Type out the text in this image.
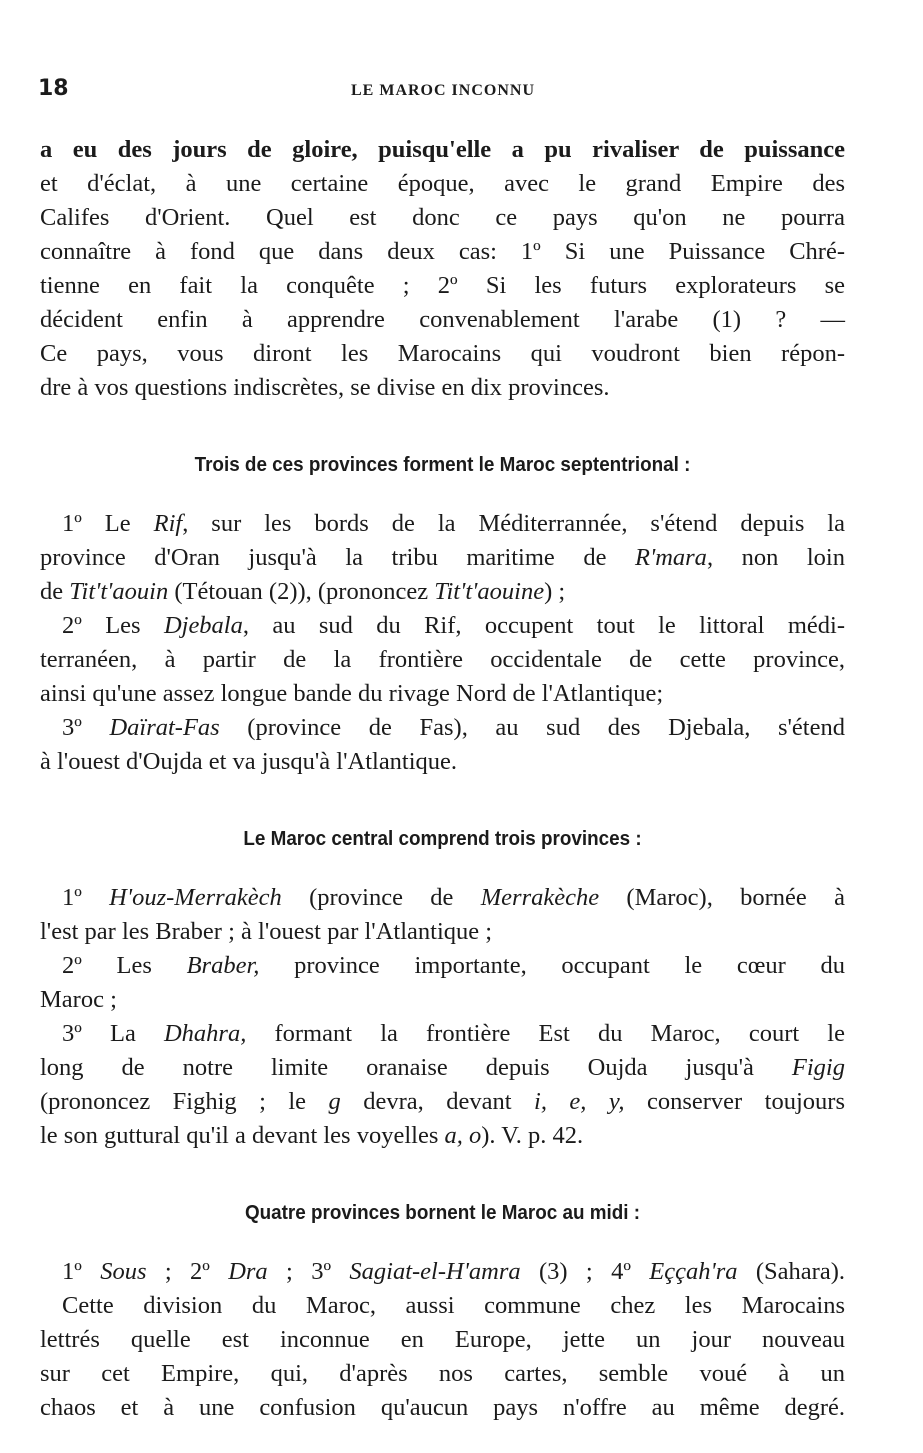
18	LE MAROC INCONNU
a eu des jours de gloire, puisqu'elle a pu rivaliser de puissance
et d'éclat, à une certaine époque, avec le grand Empire des
Califes d'Orient. Quel est donc ce pays qu'on ne pourra
connaître à fond que dans deux cas: 1º Si une Puissance Chré-
tienne en fait la conquête ; 2º Si les futurs explorateurs se
décident enfin à apprendre convenablement l'arabe (1) ? —
Ce pays, vous diront les Marocains qui voudront bien répon-
dre à vos questions indiscrètes, se divise en dix provinces.
Trois de ces provinces forment le Maroc septentrional :
1º Le Rif, sur les bords de la Méditerrannée, s'étend depuis la
province d'Oran jusqu'à la tribu maritime de R'mara, non loin
de Tit't'aouin (Tétouan (2)), (prononcez Tit't'aouine) ;
2º Les Djebala, au sud du Rif, occupent tout le littoral médi-
terranéen, à partir de la frontière occidentale de cette province,
ainsi qu'une assez longue bande du rivage Nord de l'Atlantique;
3º Daïrat-Fas (province de Fas), au sud des Djebala, s'étend
à l'ouest d'Oujda et va jusqu'à l'Atlantique.
Le Maroc central comprend trois provinces :
1º H'ouz-Merrakèch (province de Merrakèche (Maroc), bornée à
l'est par les Braber ; à l'ouest par l'Atlantique ;
2º Les Braber, province importante, occupant le cœur du
Maroc ;
3º La Dhahra, formant la frontière Est du Maroc, court le
long de notre limite oranaise depuis Oujda jusqu'à Figig
(prononcez Fighig ; le g devra, devant i, e, y, conserver toujours
le son guttural qu'il a devant les voyelles a, o). V. p. 42.
Quatre provinces bornent le Maroc au midi :
1º Sous ; 2º Dra ; 3º Sagiat-el-H'amra (3) ; 4º Eççah'ra (Sahara).
Cette division du Maroc, aussi commune chez les Marocains
lettrés quelle est inconnue en Europe, jette un jour nouveau
sur cet Empire, qui, d'après nos cartes, semble voué à un
chaos et à une confusion qu'aucun pays n'offre au même degré.
